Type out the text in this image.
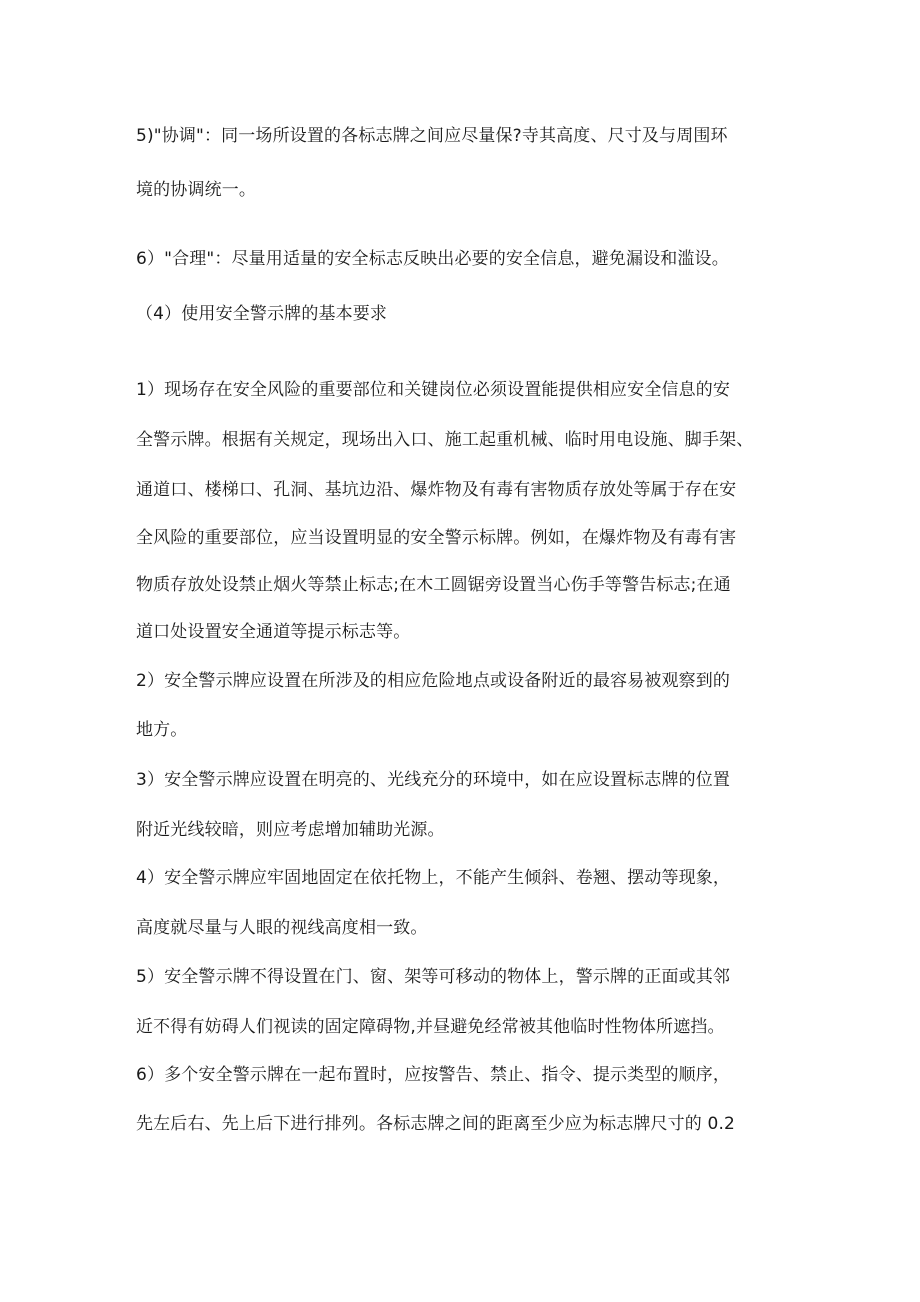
5)"协调"：同一场所设置的各标志牌之间应尽量保?寺其高度、尺寸及与周围环

境的协调统一。

6）"合理"：尽量用适量的安全标志反映出必要的安全信息，避免漏设和滥设。

（4）使用安全警示牌的基本要求

1）现场存在安全风险的重要部位和关键岗位必须设置能提供相应安全信息的安

全警示牌。根据有关规定，现场出入口、施工起重机械、临时用电设施、脚手架、

通道口、楼梯口、孔洞、基坑边沿、爆炸物及有毒有害物质存放处等属于存在安

全风险的重要部位，应当设置明显的安全警示标牌。例如，在爆炸物及有毒有害

物质存放处设禁止烟火等禁止标志;在木工圆锯旁设置当心伤手等警告标志;在通

道口处设置安全通道等提示标志等。

2）安全警示牌应设置在所涉及的相应危险地点或设备附近的最容易被观察到的

地方。

3）安全警示牌应设置在明亮的、光线充分的环境中，如在应设置标志牌的位置

附近光线较暗，则应考虑增加辅助光源。

4）安全警示牌应牢固地固定在依托物上，不能产生倾斜、卷翘、摆动等现象，

高度就尽量与人眼的视线高度相一致。

5）安全警示牌不得设置在门、窗、架等可移动的物体上，警示牌的正面或其邻

近不得有妨碍人们视读的固定障碍物,并昼避免经常被其他临时性物体所遮挡。

6）多个安全警示牌在一起布置时，应按警告、禁止、指令、提示类型的顺序，

先左后右、先上后下进行排列。各标志牌之间的距离至少应为标志牌尺寸的 0.2
